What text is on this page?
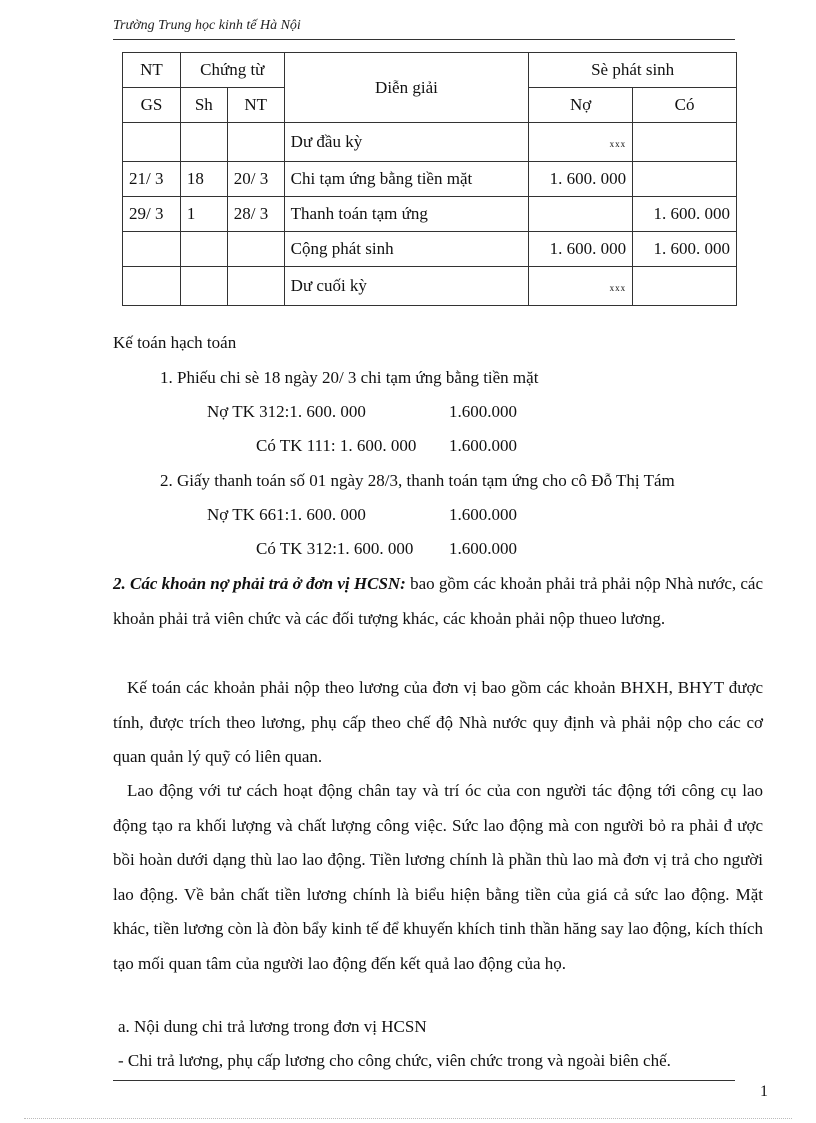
Trường Trung học kinh tế Hà Nội
NT	Chứng từ		Diễn giải	Sè phát sinh	
GS	Sh	NT		Nợ	Có
			Dư đầu kỳ	xxx	
21/ 3	18	20/ 3	Chi tạm ứng bằng tiền mặt	1. 600. 000	
29/ 3	1	28/ 3	Thanh toán tạm ứng		1. 600. 000
			Cộng phát sinh	1. 600. 000	1. 600. 000
			Dư cuối kỳ	xxx	
Kế toán hạch toán
1. Phiếu chi sè 18 ngày 20/ 3 chi tạm ứng bằng tiền mặt
Nợ TK 312:1. 600. 000	1.600.000
Có TK 111: 1. 600. 000 1.600.000
2. Giấy thanh toán số 01 ngày 28/3, thanh toán tạm ứng cho cô Đỗ Thị Tám
Nợ TK 661:1. 600. 000	1.600.000
Có TK 312:1. 600. 000 1.600.000
2. Các khoản nợ phải trả ở đơn vị HCSN: bao gồm các khoản phải trả phải nộp Nhà nước, các khoản phải trả viên chức và các đối tượng khác, các khoản phải nộp thueo lương.
Kế toán các khoản phải nộp theo lương của đơn vị bao gồm các khoản BHXH, BHYT được tính, được trích theo lương, phụ cấp theo chế độ Nhà nước quy định và phải nộp cho các cơ quan quản lý quỹ có liên quan.
Lao động với tư cách hoạt động chân tay và trí óc của con người tác động tới công cụ lao động tạo ra khối lượng và chất lượng công việc. Sức lao động mà con người bỏ ra phải đ ược bồi hoàn dưới dạng thù lao lao động. Tiền lương chính là phần thù lao mà đơn vị trả cho người lao động. Về bản chất tiền lương chính là biểu hiện bằng tiền của giá cả sức lao động. Mặt khác, tiền lương còn là đòn bẩy kinh tế để khuyến khích tinh thần hăng say lao động, kích thích tạo mối quan tâm của người lao động đến kết quả lao động của họ.
a. Nội dung chi trả lương trong đơn vị HCSN
- Chi trả lương, phụ cấp lương cho công chức, viên chức trong và ngoài biên chế.
1
